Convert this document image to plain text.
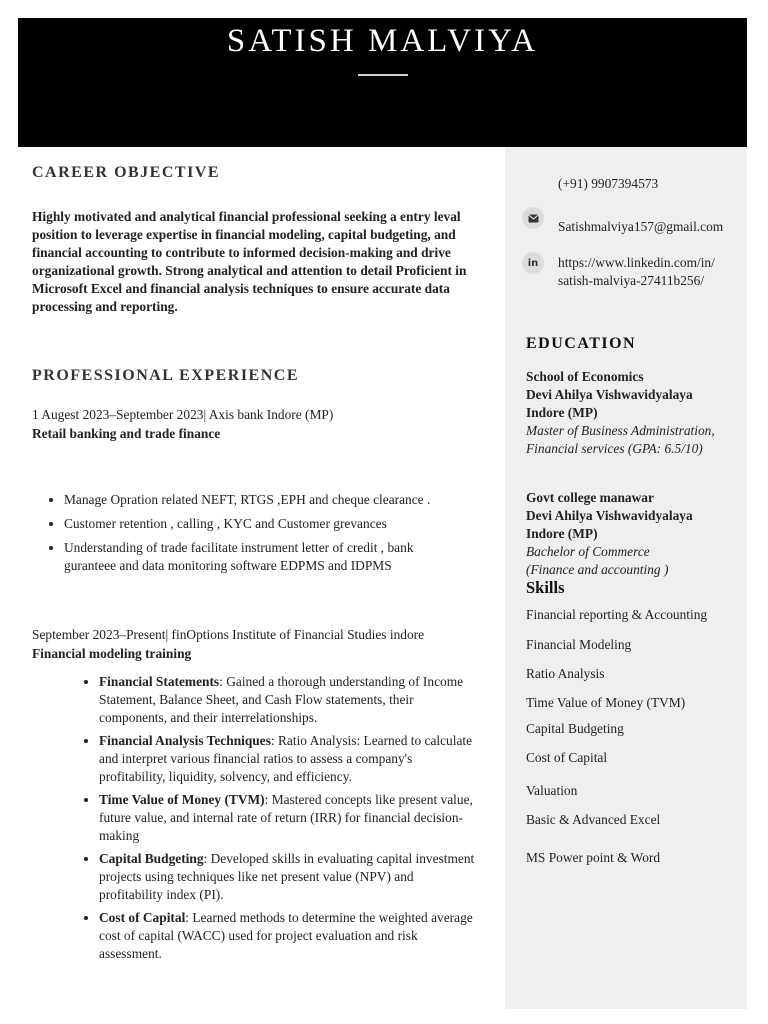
SATISH MALVIYA
CAREER OBJECTIVE
Highly motivated and analytical financial professional seeking a entry leval position to leverage expertise in financial modeling, capital budgeting, and financial accounting to contribute to informed decision-making and drive organizational growth. Strong analytical and attention to detail Proficient in Microsoft Excel and financial analysis techniques to ensure accurate data processing and reporting.
PROFESSIONAL EXPERIENCE
1 Augest 2023–September 2023| Axis bank Indore (MP)
Retail banking and trade finance
• Manage Opration related NEFT, RTGS ,EPH and cheque clearance .
• Customer retention , calling , KYC and Customer grevances
• Understanding of trade facilitate instrument letter of credit , bank guranteee and data monitoring software EDPMS and IDPMS
September 2023–Present| finOptions Institute of Financial Studies indore
Financial modeling training
• Financial Statements: Gained a thorough understanding of Income Statement, Balance Sheet, and Cash Flow statements, their components, and their interrelationships.
• Financial Analysis Techniques: Ratio Analysis: Learned to calculate and interpret various financial ratios to assess a company's profitability, liquidity, solvency, and efficiency.
• Time Value of Money (TVM): Mastered concepts like present value, future value, and internal rate of return (IRR) for financial decision-making
• Capital Budgeting: Developed skills in evaluating capital investment projects using techniques like net present value (NPV) and profitability index (PI).
• Cost of Capital: Learned methods to determine the weighted average cost of capital (WACC) used for project evaluation and risk assessment.
(+91) 9907394573
Satishmalviya157@gmail.com
in	https://www.linkedin.com/in/
satish-malviya-27411b256/
EDUCATION
School of Economics
Devi Ahilya Vishwavidyalaya
Indore (MP)
Master of Business Administration,
Financial services (GPA: 6.5/10)
Govt college manawar
Devi Ahilya Vishwavidyalaya
Indore (MP)
Bachelor of Commerce
(Finance and accounting )
Skills
Financial reporting & Accounting
Financial Modeling
Ratio Analysis
Time Value of Money (TVM)
Capital Budgeting
Cost of Capital
Valuation
Basic & Advanced Excel
MS Power point & Word
